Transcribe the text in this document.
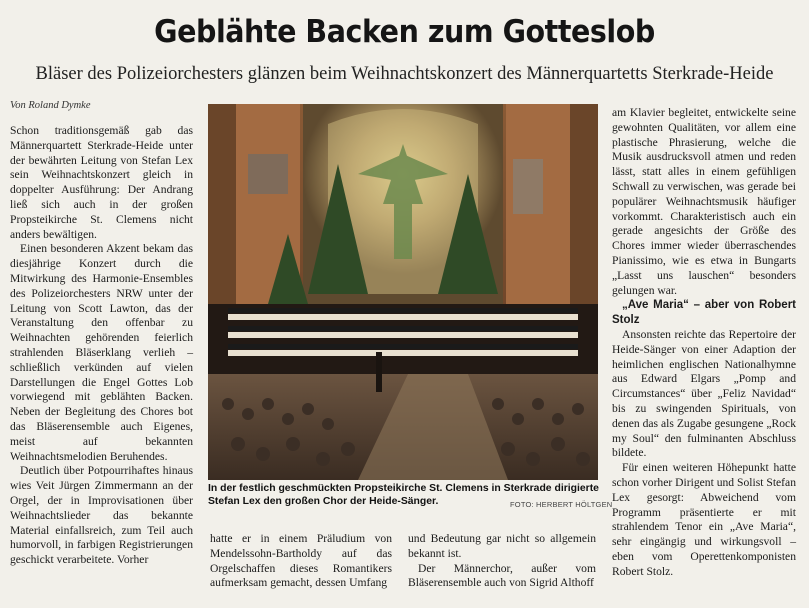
Geblähte Backen zum Gotteslob
Bläser des Polizeiorchesters glänzen beim Weihnachtskonzert des Männerquartetts Sterkrade-Heide
Von Roland Dymke

Schon traditionsgemäß gab das Männerquartett Sterkrade-Heide unter der bewährten Leitung von Stefan Lex sein Weihnachtskonzert gleich in doppelter Ausführung: Der Andrang ließ sich auch in der großen Propsteikirche St. Clemens nicht anders bewältigen.

Einen besonderen Akzent bekam das diesjährige Konzert durch die Mitwirkung des Harmonie-Ensembles des Polizeiorchesters NRW unter der Leitung von Scott Lawton, das der Veranstaltung den offenbar zu Weihnachten gehörenden feierlich strahlenden Bläserklang verlieh – schließlich verkünden auf vielen Darstellungen die Engel Gottes Lob vorwiegend mit geblähten Backen. Neben der Begleitung des Chores bot das Bläserensemble auch Eigenes, meist auf bekannten Weihnachtsmelodien Beruhendes.

Deutlich über Potpourrihaftes hinaus wies Veit Jürgen Zimmermann an der Orgel, der in Improvisationen über Weihnachtslieder das bekannte Material einfallsreich, zum Teil auch humorvoll, in farbigen Registrierungen geschickt verarbeitete. Vorher

In der festlich geschmückten Propsteikirche St. Clemens in Sterkrade dirigierte Stefan Lex den großen Chor der Heide-Sänger.	FOTO: HERBERT HÖLTGEN

hatte er in einem Präludium von Mendelssohn-Bartholdy auf das Orgelschaffen dieses Romantikers aufmerksam gemacht, dessen Umfang

und Bedeutung gar nicht so allgemein bekannt ist.

Der Männerchor, außer vom Bläserensemble auch von Sigrid Althoff

am Klavier begleitet, entwickelte seine gewohnten Qualitäten, vor allem eine plastische Phrasierung, welche die Musik ausdrucksvoll atmen und reden lässt, statt alles in einem gefühligen Schwall zu verwischen, was gerade bei populärer Weihnachtsmusik häufiger vorkommt. Charakteristisch auch ein gerade angesichts der Größe des Chores immer wieder überraschendes Pianissimo, wie es etwa in Bungarts „Lasst uns lauschen“ besonders gelungen war.

„Ave Maria“ – aber von Robert Stolz

Ansonsten reichte das Repertoire der Heide-Sänger von einer Adaption der heimlichen englischen Nationalhymne aus Edward Elgars „Pomp and Circumstances“ über „Feliz Navidad“ bis zu swingenden Spirituals, von denen das als Zugabe gesungene „Rock my Soul“ den fulminanten Abschluss bildete.

Für einen weiteren Höhepunkt hatte schon vorher Dirigent und Solist Stefan Lex gesorgt: Abweichend vom Programm präsentierte er mit strahlendem Tenor ein „Ave Maria“, sehr eingängig und wirkungsvoll – eben vom Operettenkomponisten Robert Stolz.
